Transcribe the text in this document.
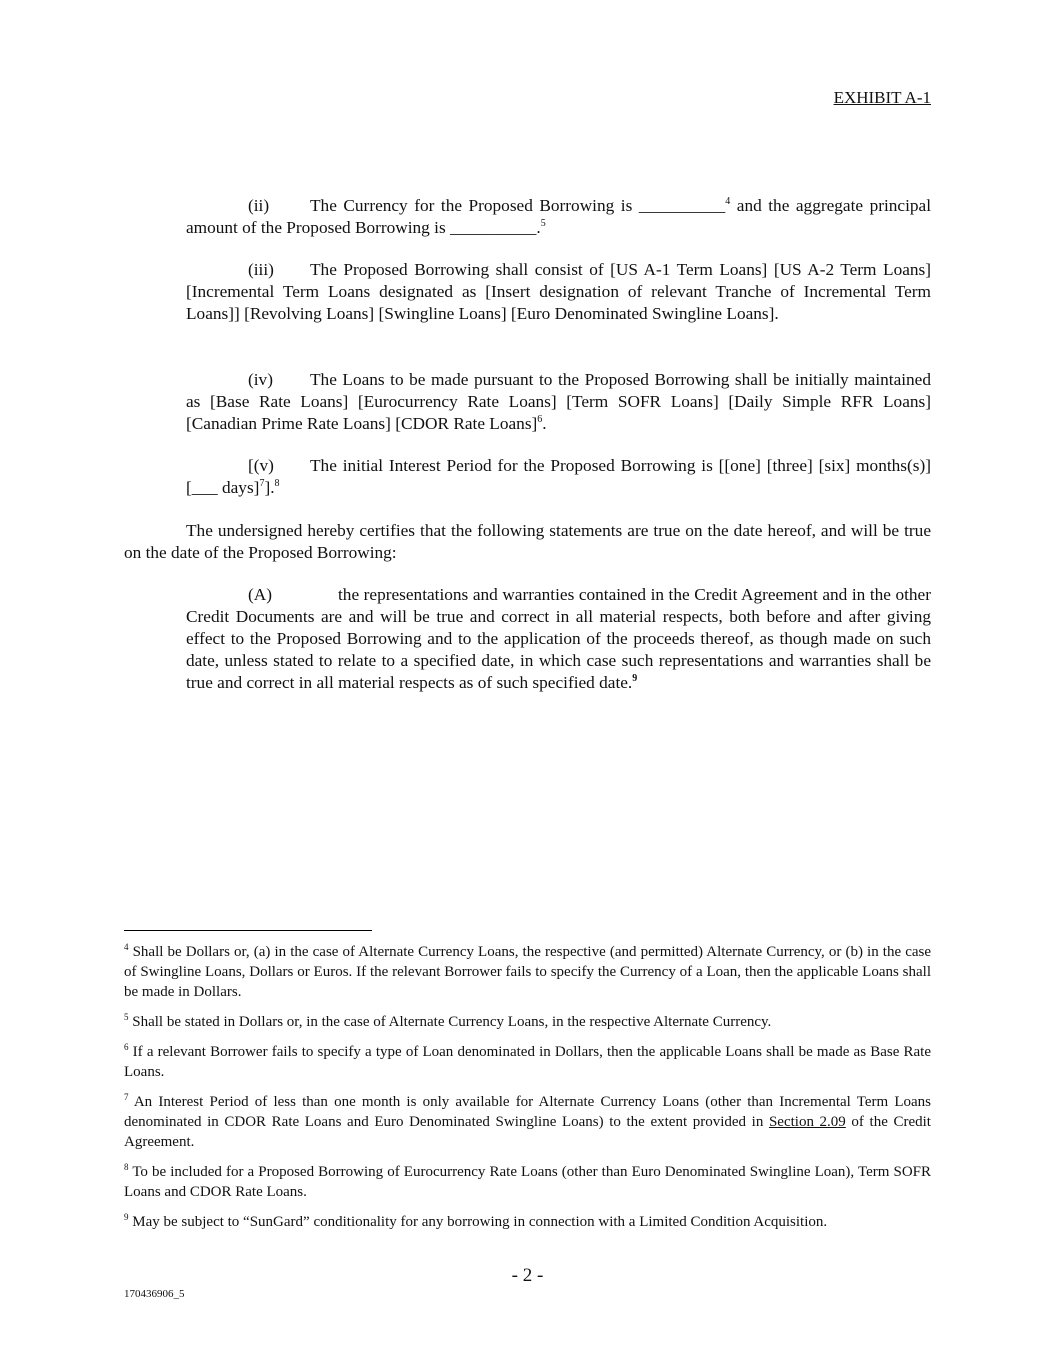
EXHIBIT A-1
(ii) The Currency for the Proposed Borrowing is __________$^4$ and the aggregate principal amount of the Proposed Borrowing is __________.$^5$
(iii) The Proposed Borrowing shall consist of [US A-1 Term Loans] [US A-2 Term Loans] [Incremental Term Loans designated as [Insert designation of relevant Tranche of Incremental Term Loans]] [Revolving Loans] [Swingline Loans] [Euro Denominated Swingline Loans].
(iv) The Loans to be made pursuant to the Proposed Borrowing shall be initially maintained as [Base Rate Loans] [Eurocurrency Rate Loans] [Term SOFR Loans] [Daily Simple RFR Loans] [Canadian Prime Rate Loans] [CDOR Rate Loans]$^6$.
[(v) The initial Interest Period for the Proposed Borrowing is [[one] [three] [six] months(s)] [___ days]$^7$].$^8$
The undersigned hereby certifies that the following statements are true on the date hereof, and will be true on the date of the Proposed Borrowing:
(A)	the representations and warranties contained in the Credit Agreement and in the other Credit Documents are and will be true and correct in all material respects, both before and after giving effect to the Proposed Borrowing and to the application of the proceeds thereof, as though made on such date, unless stated to relate to a specified date, in which case such representations and warranties shall be true and correct in all material respects as of such specified date.$^9$
$^4$ Shall be Dollars or, (a) in the case of Alternate Currency Loans, the respective (and permitted) Alternate Currency, or (b) in the case of Swingline Loans, Dollars or Euros. If the relevant Borrower fails to specify the Currency of a Loan, then the applicable Loans shall be made in Dollars.
$^5$ Shall be stated in Dollars or, in the case of Alternate Currency Loans, in the respective Alternate Currency.
$^6$ If a relevant Borrower fails to specify a type of Loan denominated in Dollars, then the applicable Loans shall be made as Base Rate Loans.
$^7$ An Interest Period of less than one month is only available for Alternate Currency Loans (other than Incremental Term Loans denominated in CDOR Rate Loans and Euro Denominated Swingline Loans) to the extent provided in Section 2.09 of the Credit Agreement.
$^8$ To be included for a Proposed Borrowing of Eurocurrency Rate Loans (other than Euro Denominated Swingline Loan), Term SOFR Loans and CDOR Rate Loans.
$^9$ May be subject to “SunGard” conditionality for any borrowing in connection with a Limited Condition Acquisition.
- 2 -
170436906_5
